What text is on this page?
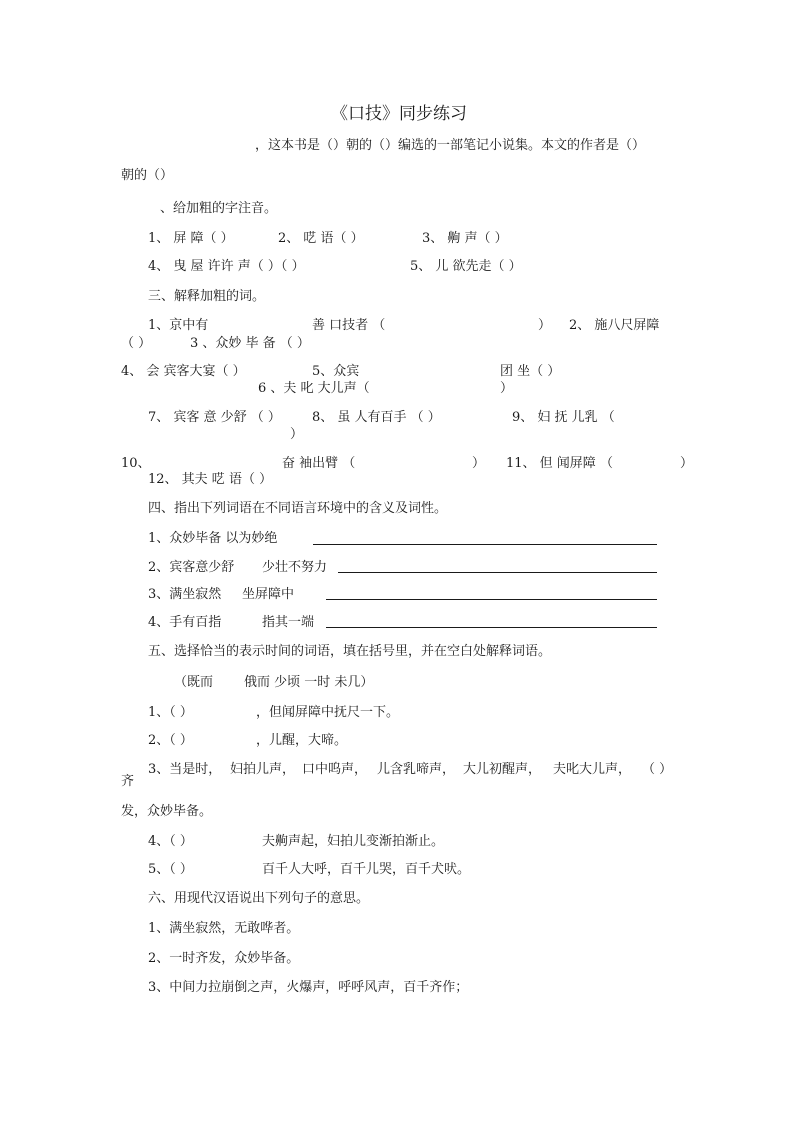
《口技》同步练习
，这本书是（）朝的（）编选的一部笔记小说集。本文的作者是（）
朝的（）
、给加粗的字注音。
1、 屏 障（ ）	2、 呓 语（ ）	3、 齁 声（ ）
4、 曳 屋 许许 声（ ）（ ）	5、 儿 欲先走（ ）
三、解释加粗的词。
1、京中有	善 口技者 （	） 2、 施八尺屏障
（ ）	3 、众妙 毕 备 （ ）
4、 会 宾客大宴（ ）	5、众宾	团 坐（ ）
6 、夫 叱 大儿声（	）
7、 宾客 意 少舒 （ ） 8、 虽 人有百手 （ ）	9、 妇 抚 儿乳 （
）
10、	奋 袖出臂 （	） 11、 但 闻屏障 （	）
12、 其夫 呓 语（ ）
四、指出下列词语在不同语言环境中的含义及词性。
1、众妙毕备 以为妙绝
2、宾客意少舒 少壮不努力
3、满坐寂然 坐屏障中
4、手有百指	指其一端
五、选择恰当的表示时间的词语，填在括号里，并在空白处解释词语。
（既而 俄而 少顷 一时 未几）
1、（ ）	，但闻屏障中抚尺一下。
2、（ ）	，儿醒，大啼。
3、当是时， 妇拍儿声， 口中呜声， 儿含乳啼声， 大儿初醒声， 夫叱大儿声， （ ）
齐
发，众妙毕备。
4、（ ）	夫齁声起，妇拍儿变渐拍渐止。
5、（ ）	百千人大呼，百千儿哭，百千犬吠。
六、用现代汉语说出下列句子的意思。
1、满坐寂然，无敢哗者。
2、一时齐发，众妙毕备。
3、中间力拉崩倒之声，火爆声，呼呼风声，百千齐作；
